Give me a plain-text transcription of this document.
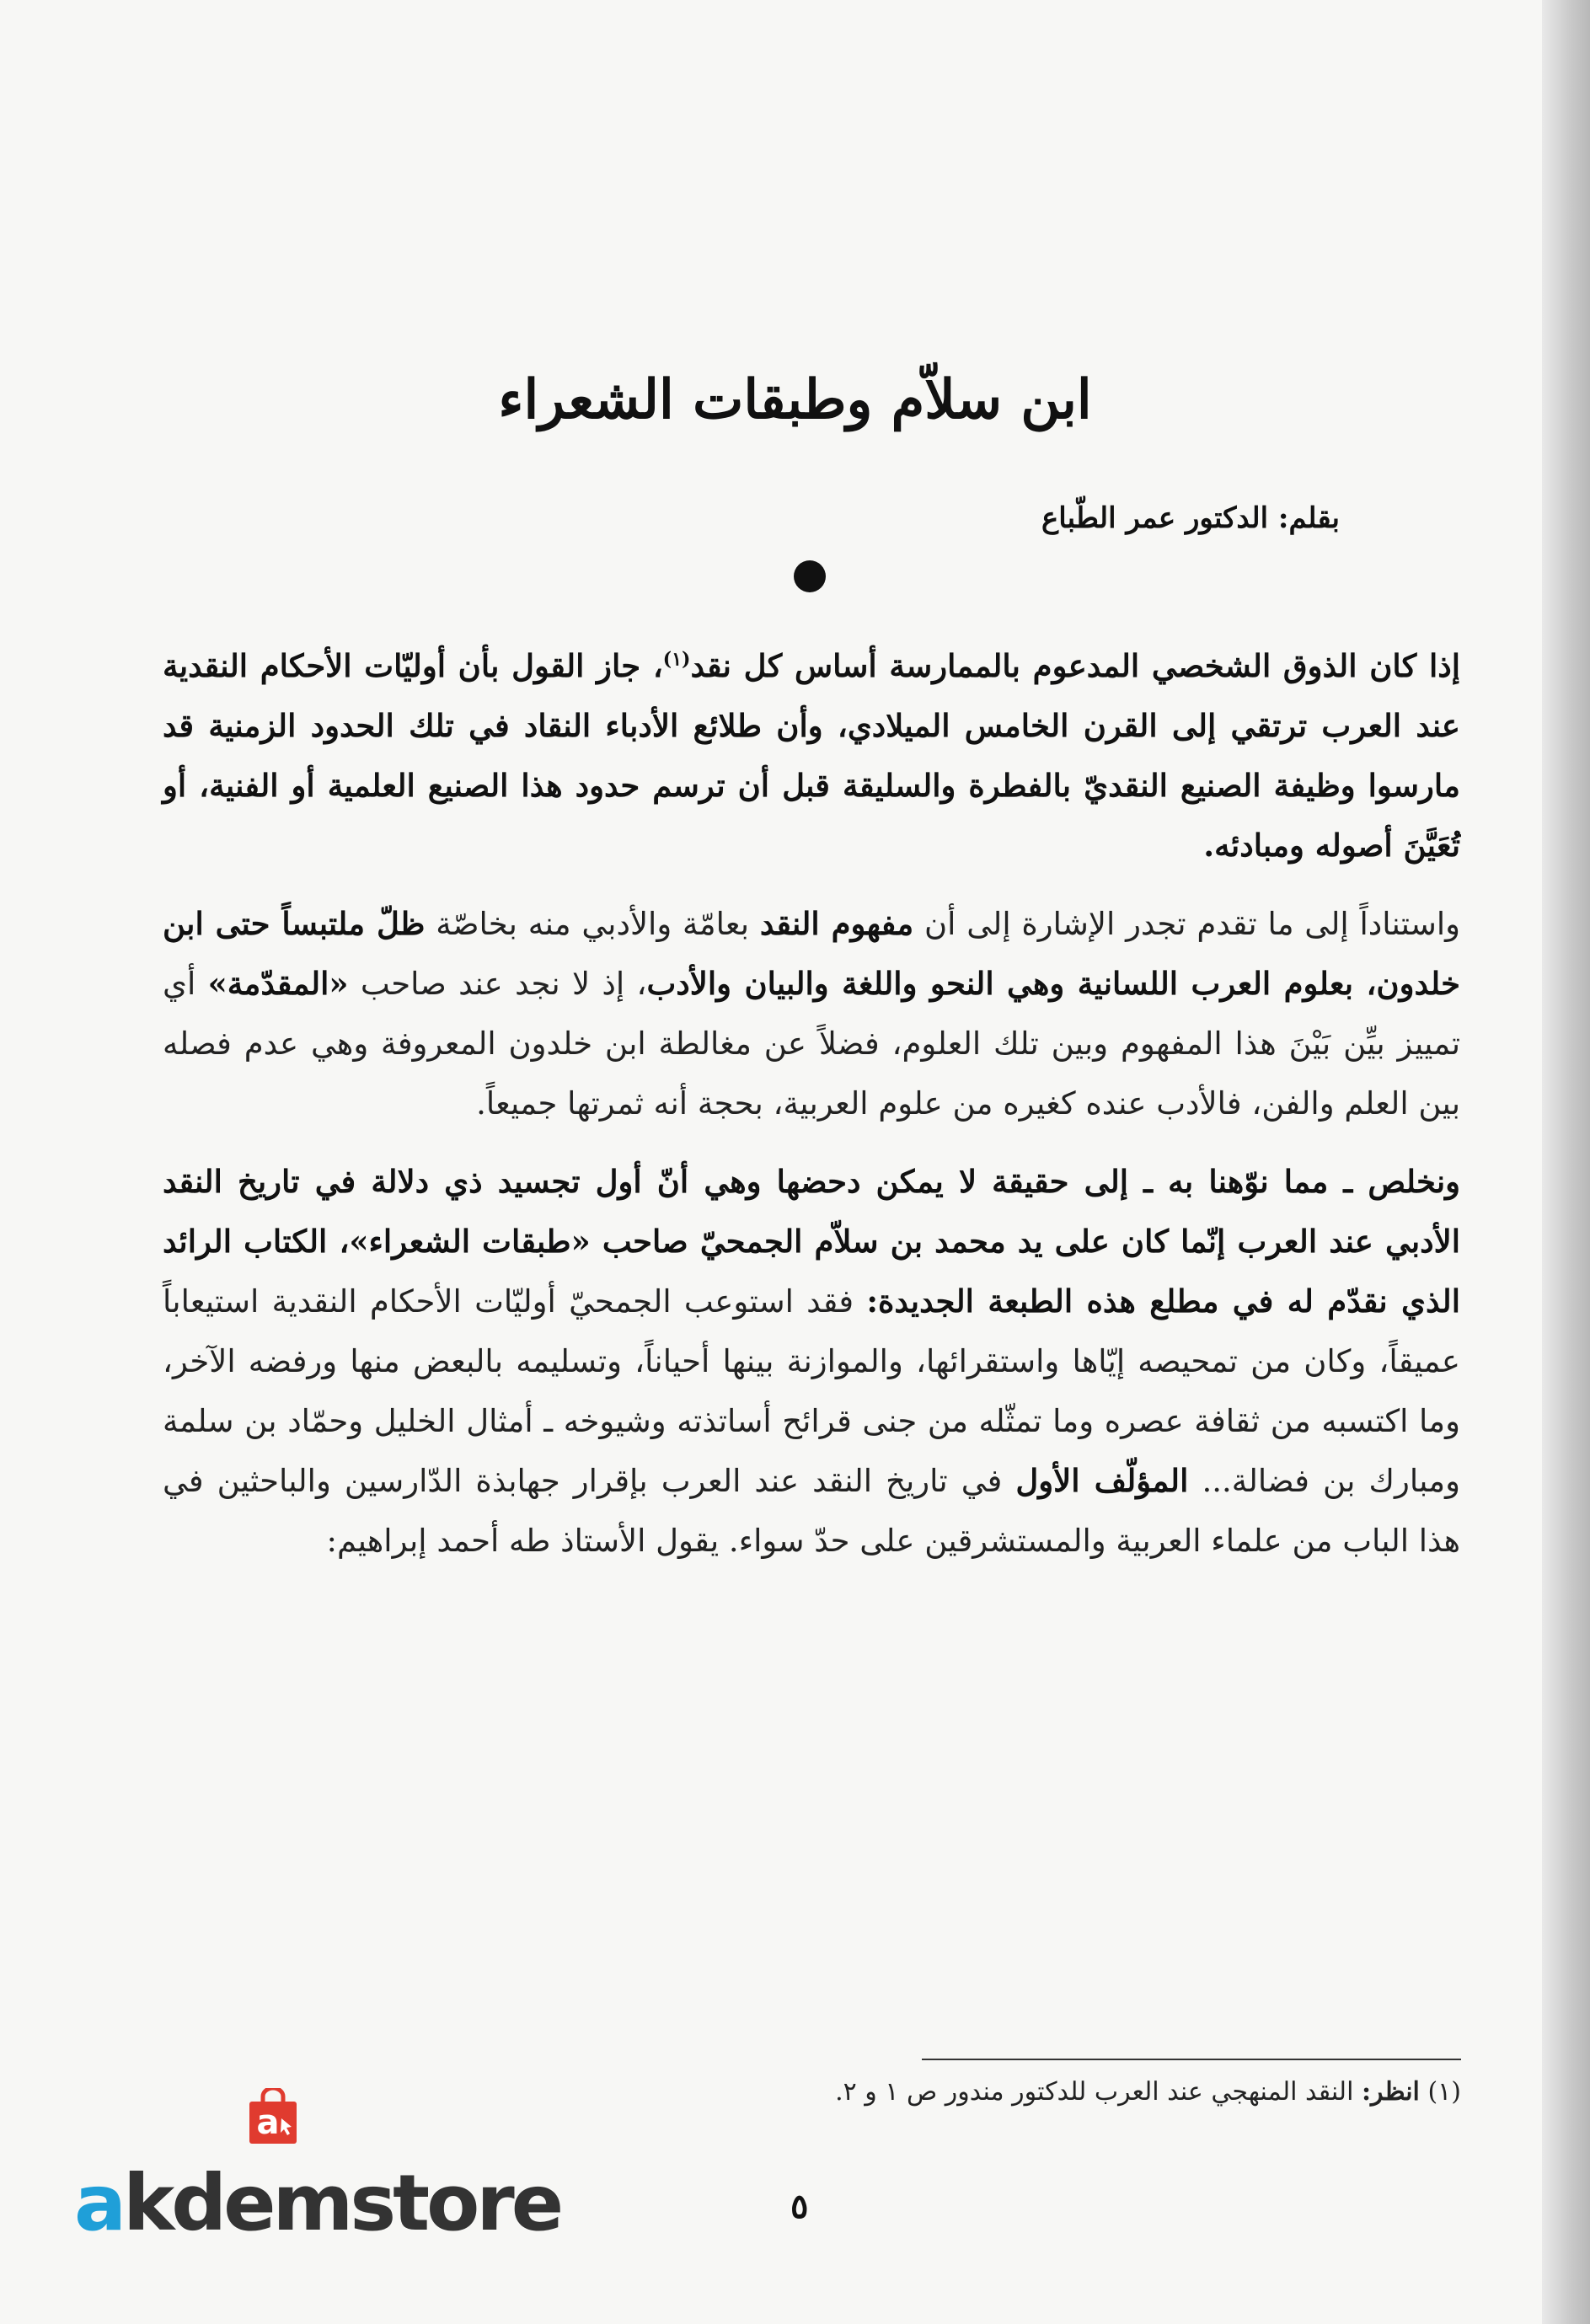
ابن سلاّم وطبقات الشعراء
بقلم: الدكتور عمر الطّباع

إذا كان الذوق الشخصي المدعوم بالممارسة أساس كل نقد$^{(١)}$، جاز القول بأن أوليّات الأحكام النقدية عند العرب ترتقي إلى القرن الخامس الميلادي، وأن طلائع الأدباء النقاد في تلك الحدود الزمنية قد مارسوا وظيفة الصنيع النقديّ بالفطرة والسليقة قبل أن ترسم حدود هذا الصنيع العلمية أو الفنية، أو تُعَيَّنَ أصوله ومبادئه.

واستناداً إلى ما تقدم تجدر الإشارة إلى أن مفهوم النقد بعامّة والأدبي منه بخاصّة ظلّ ملتبساً حتى ابن خلدون، بعلوم العرب اللسانية وهي النحو واللغة والبيان والأدب، إذ لا نجد عند صاحب «المقدّمة» أي تمييز بيِّن بَيْنَ هذا المفهوم وبين تلك العلوم، فضلاً عن مغالطة ابن خلدون المعروفة وهي عدم فصله بين العلم والفن، فالأدب عنده كغيره من علوم العربية، بحجة أنه ثمرتها جميعاً.

ونخلص ـ مما نوّهنا به ـ إلى حقيقة لا يمكن دحضها وهي أنّ أول تجسيد ذي دلالة في تاريخ النقد الأدبي عند العرب إنّما كان على يد محمد بن سلاّم الجمحيّ صاحب «طبقات الشعراء»، الكتاب الرائد الذي نقدّم له في مطلع هذه الطبعة الجديدة: فقد استوعب الجمحيّ أوليّات الأحكام النقدية استيعاباً عميقاً، وكان من تمحيصه إيّاها واستقرائها، والموازنة بينها أحياناً، وتسليمه بالبعض منها ورفضه الآخر، وما اكتسبه من ثقافة عصره وما تمثّله من جنى قرائح أساتذته وشيوخه ـ أمثال الخليل وحمّاد بن سلمة ومبارك بن فضالة... المؤلّف الأول في تاريخ النقد عند العرب بإقرار جهابذة الدّارسين والباحثين في هذا الباب من علماء العربية والمستشرقين على حدّ سواء. يقول الأستاذ طه أحمد إبراهيم:

(١) انظر: النقد المنهجي عند العرب للدكتور مندور ص ١ و ٢.
٥
a
akdemstore
